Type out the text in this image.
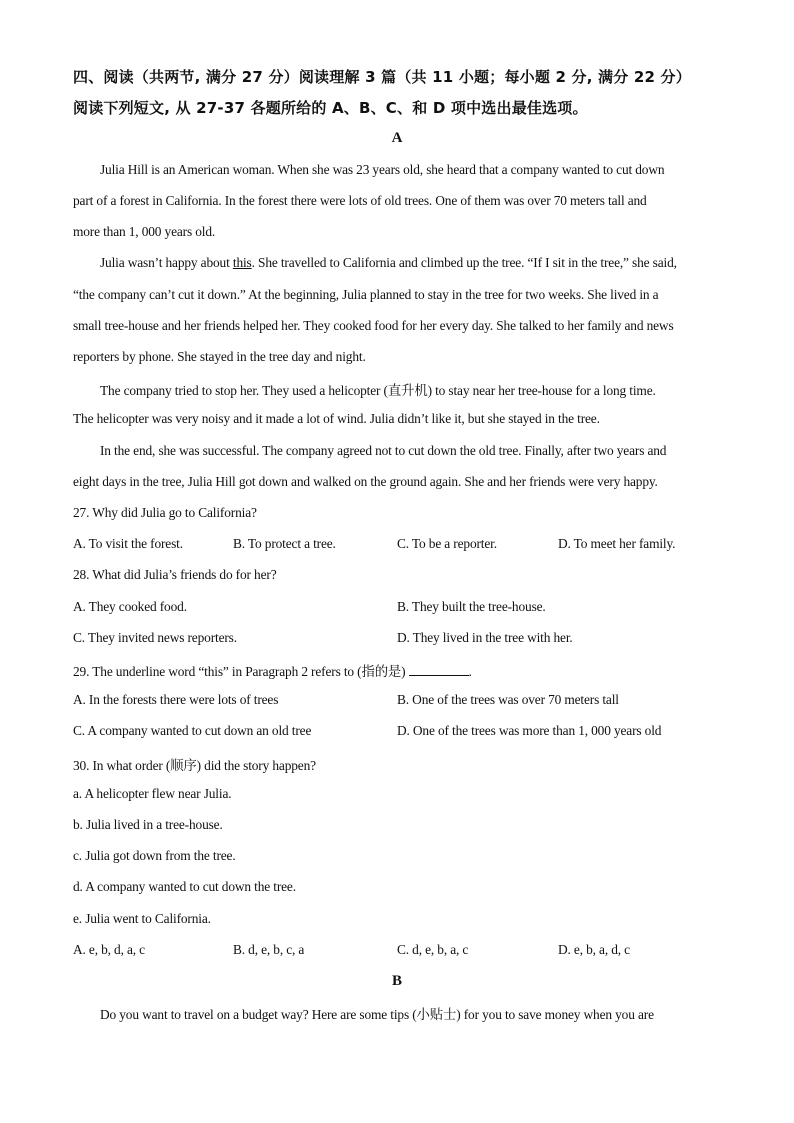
四、阅读（共两节, 满分 27 分）阅读理解 3 篇（共 11 小题；每小题 2 分, 满分 22 分）
阅读下列短文, 从 27-37 各题所给的 A、B、C、和 D 项中选出最佳选项。
A
Julia Hill is an American woman. When she was 23 years old, she heard that a company wanted to cut down
part of a forest in California. In the forest there were lots of old trees. One of them was over 70 meters tall and
more than 1, 000 years old.
Julia wasn’t happy about this. She travelled to California and climbed up the tree. “If I sit in the tree,” she said,
“the company can’t cut it down.” At the beginning, Julia planned to stay in the tree for two weeks. She lived in a
small tree-house and her friends helped her. They cooked food for her every day. She talked to her family and news
reporters by phone. She stayed in the tree day and night.
The company tried to stop her. They used a helicopter (直升机) to stay near her tree-house for a long time.
The helicopter was very noisy and it made a lot of wind. Julia didn’t like it, but she stayed in the tree.
In the end, she was successful. The company agreed not to cut down the old tree. Finally, after two years and
eight days in the tree, Julia Hill got down and walked on the ground again. She and her friends were very happy.
27. Why did Julia go to California?
A. To visit the forest.	B. To protect a tree.	C. To be a reporter.	D. To meet her family.
28. What did Julia’s friends do for her?
A. They cooked food.	B. They built the tree-house.
C. They invited news reporters.	D. They lived in the tree with her.
29. The underline word “this” in Paragraph 2 refers to (指的是)	.
A. In the forests there were lots of trees	B. One of the trees was over 70 meters tall
C. A company wanted to cut down an old tree	D. One of the trees was more than 1, 000 years old
30. In what order (顺序) did the story happen?
a. A helicopter flew near Julia.
b. Julia lived in a tree-house.
c. Julia got down from the tree.
d. A company wanted to cut down the tree.
e. Julia went to California.
A. e, b, d, a, c	B. d, e, b, c, a	C. d, e, b, a, c	D. e, b, a, d, c
B
Do you want to travel on a budget way? Here are some tips (小贴士) for you to save money when you are
